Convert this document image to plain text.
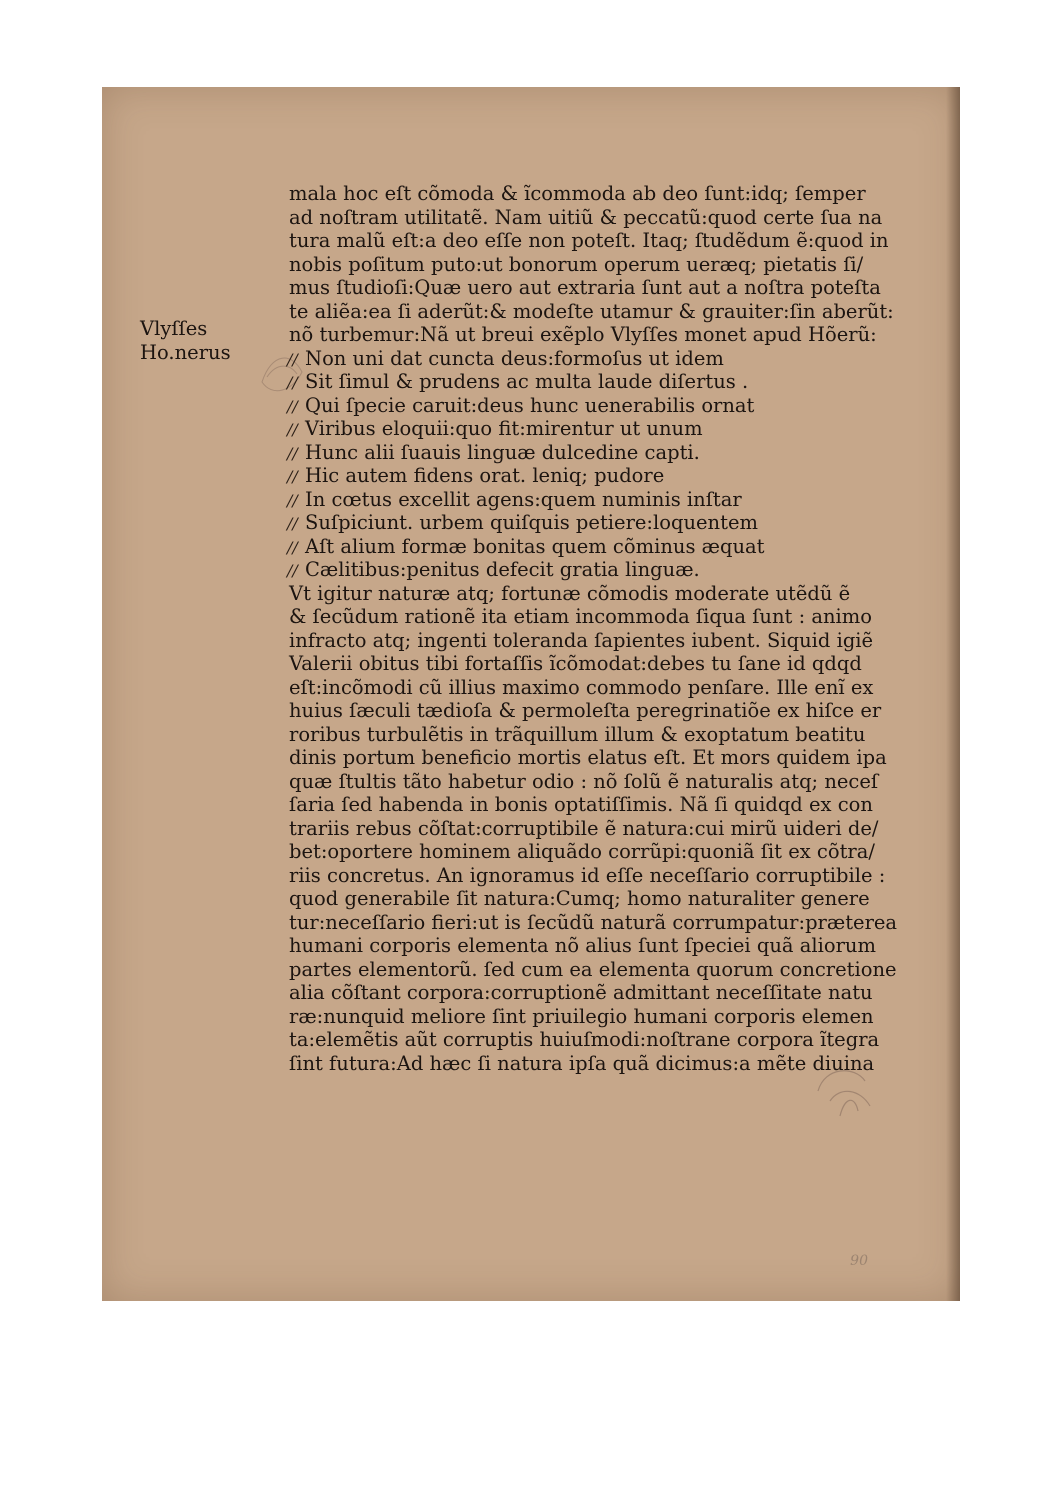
Vlyſſes
Ho.nerus
mala hoc eſt cõmoda & ĩcommoda ab deo ſunt:idq; ſemper
ad noſtram utilitatẽ. Nam uitiũ & peccatũ:quod certe ſua na
tura malũ eſt:a deo eſſe non poteſt. Itaq; ſtudẽdum ẽ:quod in
nobis poſitum puto:ut bonorum operum ueræq; pietatis ſi/
mus ſtudioſi:Quæ uero aut extraria ſunt aut a noſtra poteſta
te aliẽa:ea ſi aderũt:& modeſte utamur & grauiter:ſin aberũt:
nõ turbemur:Nã ut breui exẽplo Vlyſſes monet apud Hõerũ:
// Non uni dat cuncta deus:formoſus ut idem
// Sit ſimul & prudens ac multa laude diſertus .
// Qui ſpecie caruit:deus hunc uenerabilis ornat
// Viribus eloquii:quo fit:mirentur ut unum
// Hunc alii ſuauis linguæ dulcedine capti.
// Hic autem fidens orat. leniq; pudore
// In cœtus excellit agens:quem numinis inſtar
// Suſpiciunt. urbem quiſquis petiere:loquentem
// Aſt alium formæ bonitas quem cõminus æquat
// Cælitibus:penitus defecit gratia linguæ.
Vt igitur naturæ atq; fortunæ cõmodis moderate utẽdũ ẽ
& ſecũdum rationẽ ita etiam incommoda ſiqua ſunt : animo
infracto atq; ingenti toleranda ſapientes iubent. Siquid igiẽ
Valerii obitus tibi fortaſſis ĩcõmodat:debes tu ſane id qdqd
eſt:incõmodi cũ illius maximo commodo penſare. Ille enĩ ex
huius ſæculi tædioſa & permoleſta peregrinatiõe ex hiſce er
roribus turbulẽtis in trãquillum illum & exoptatum beatitu
dinis portum beneficio mortis elatus eſt. Et mors quidem ipa
quæ ſtultis tãto habetur odio : nõ ſolũ ẽ naturalis atq; neceſ
ſaria ſed habenda in bonis optatiſſimis. Nã ſi quidqd ex con
trariis rebus cõſtat:corruptibile ẽ natura:cui mirũ uideri de/
bet:oportere hominem aliquãdo corrũpi:quoniã ſit ex cõtra/
riis concretus. An ignoramus id eſſe neceſſario corruptibile :
quod generabile ſit natura:Cumq; homo naturaliter genere
tur:neceſſario fieri:ut is ſecũdũ naturã corrumpatur:præterea
humani corporis elementa nõ alius ſunt ſpeciei quã aliorum
partes elementorũ. ſed cum ea elementa quorum concretione
alia cõſtant corpora:corruptionẽ admittant neceſſitate natu
ræ:nunquid meliore ſint priuilegio humani corporis elemen
ta:elemẽtis aũt corruptis huiuſmodi:noſtrane corpora ĩtegra
ſint futura:Ad hæc ſi natura ipſa quã dicimus:a mẽte diuina
90
